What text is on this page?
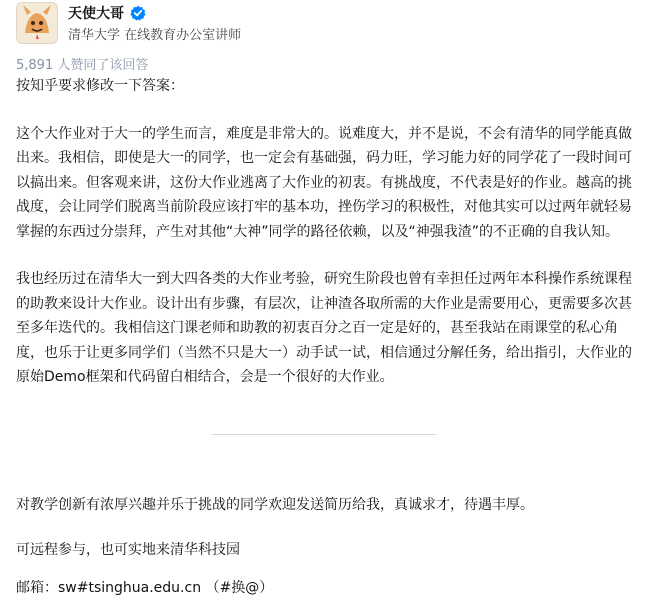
天使大哥
清华大学 在线教育办公室讲师
5,891 人赞同了该回答

按知乎要求修改一下答案：

这个大作业对于大一的学生而言，难度是非常大的。说难度大，并不是说，不会有清华的同学能真做出来。我相信，即使是大一的同学，也一定会有基础强，码力旺，学习能力好的同学花了一段时间可以搞出来。但客观来讲，这份大作业逃离了大作业的初衷。有挑战度，不代表是好的作业。越高的挑战度，会让同学们脱离当前阶段应该打牢的基本功，挫伤学习的积极性，对他其实可以过两年就轻易掌握的东西过分崇拜，产生对其他“大神”同学的路径依赖，以及“神强我渣”的不正确的自我认知。

我也经历过在清华大一到大四各类的大作业考验，研究生阶段也曾有幸担任过两年本科操作系统课程的助教来设计大作业。设计出有步骤，有层次，让神渣各取所需的大作业是需要用心，更需要多次甚至多年迭代的。我相信这门课老师和助教的初衷百分之百一定是好的，甚至我站在雨课堂的私心角度，也乐于让更多同学们（当然不只是大一）动手试一试，相信通过分解任务，给出指引，大作业的原始Demo框架和代码留白相结合，会是一个很好的大作业。

对教学创新有浓厚兴趣并乐于挑战的同学欢迎发送简历给我，真诚求才，待遇丰厚。
可远程参与，也可实地来清华科技园
邮箱：sw#tsinghua.edu.cn （#换@）
